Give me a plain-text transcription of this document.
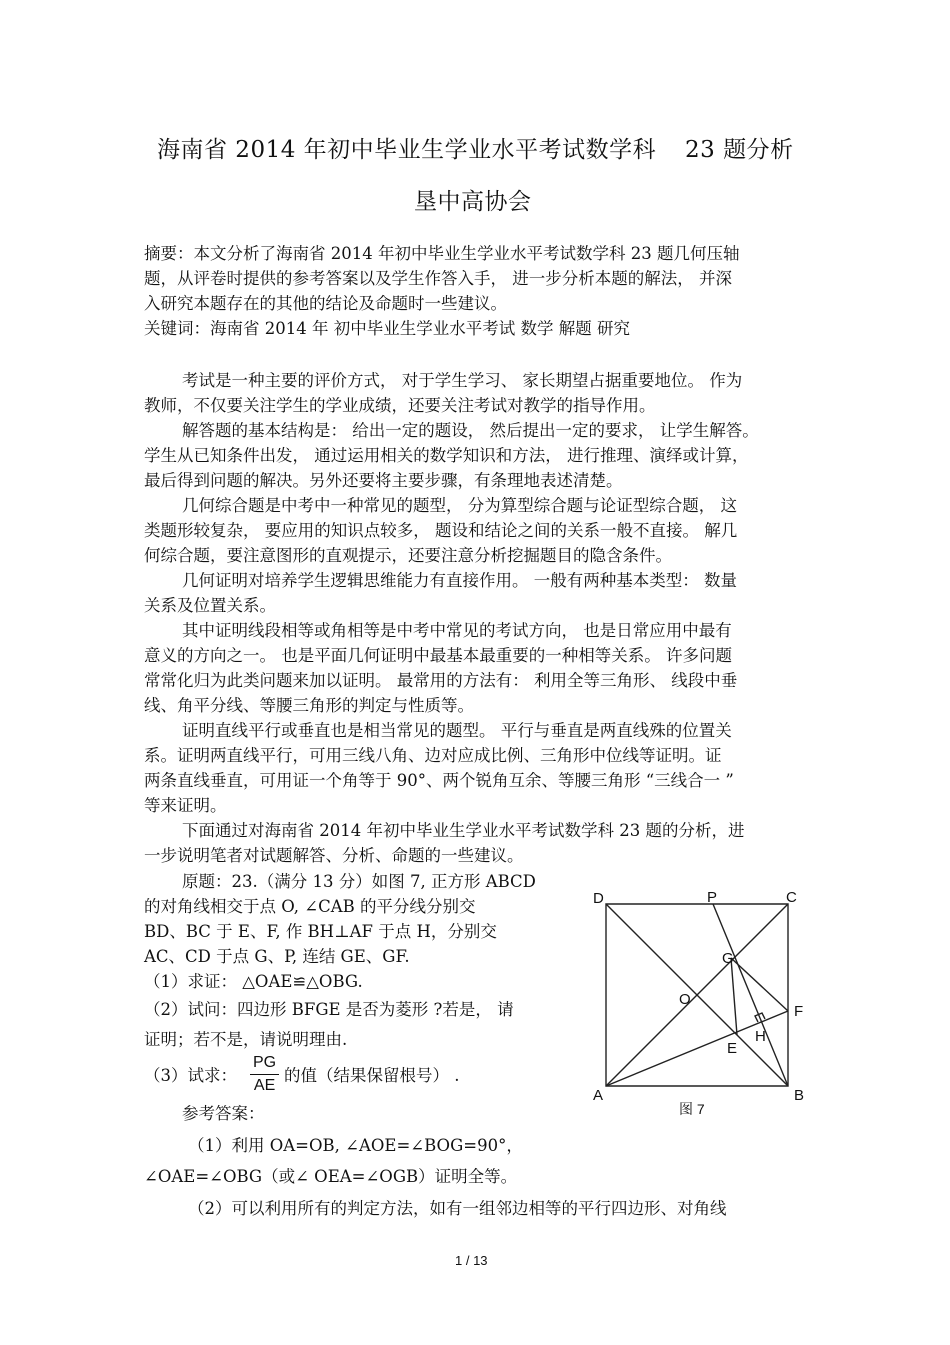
海南省 2014 年初中毕业生学业水平考试数学科 23 题分析
垦中高协会
摘要：本文分析了海南省 2014 年初中毕业生学业水平考试数学科 23 题几何压轴
题，从评卷时提供的参考答案以及学生作答入手， 进一步分析本题的解法， 并深
入研究本题存在的其他的结论及命题时一些建议。
关键词：海南省 2014 年 初中毕业生学业水平考试 数学 解题 研究
考试是一种主要的评价方式， 对于学生学习、 家长期望占据重要地位。 作为
教师，不仅要关注学生的学业成绩，还要关注考试对教学的指导作用。
解答题的基本结构是： 给出一定的题设， 然后提出一定的要求， 让学生解答。
学生从已知条件出发， 通过运用相关的数学知识和方法， 进行推理、演绎或计算，
最后得到问题的解决。另外还要将主要步骤，有条理地表述清楚。
几何综合题是中考中一种常见的题型， 分为算型综合题与论证型综合题， 这
类题形较复杂， 要应用的知识点较多， 题设和结论之间的关系一般不直接。 解几
何综合题，要注意图形的直观提示，还要注意分析挖掘题目的隐含条件。
几何证明对培养学生逻辑思维能力有直接作用。 一般有两种基本类型： 数量
关系及位置关系。
其中证明线段相等或角相等是中考中常见的考试方向， 也是日常应用中最有
意义的方向之一。 也是平面几何证明中最基本最重要的一种相等关系。 许多问题
常常化归为此类问题来加以证明。 最常用的方法有： 利用全等三角形、 线段中垂
线、角平分线、等腰三角形的判定与性质等。
证明直线平行或垂直也是相当常见的题型。 平行与垂直是两直线殊的位置关
系。证明两直线平行，可用三线八角、边对应成比例、三角形中位线等证明。证
两条直线垂直，可用证一个角等于 90°、两个锐角互余、等腰三角形 “三线合一 ”
等来证明。
下面通过对海南省 2014 年初中毕业生学业水平考试数学科 23 题的分析，进
一步说明笔者对试题解答、分析、命题的一些建议。
原题：23.（满分 13 分）如图 7, 正方形 ABCD
的对角线相交于点 O, ∠CAB 的平分线分别交
BD、BC 于 E、F, 作 BH⊥AF 于点 H，分别交
AC、CD 于点 G、P, 连结 GE、GF.
（1）求证： △OAE≌△OBG.
（2）试问：四边形 BFGE 是否为菱形 ?若是， 请
证明；若不是，请说明理由.
（3）试求： $\frac{PG}{AE}$ 的值（结果保留根号） .
参考答案：
（1）利用 OA=OB, ∠AOE=∠BOG=90°，
∠OAE=∠OBG（或∠ OEA=∠OGB）证明全等。
（2）可以利用所有的判定方法，如有一组邻边相等的平行四边形、对角线
D	P	C
G
O
F
H
E
A	B
图 7
1 / 13
